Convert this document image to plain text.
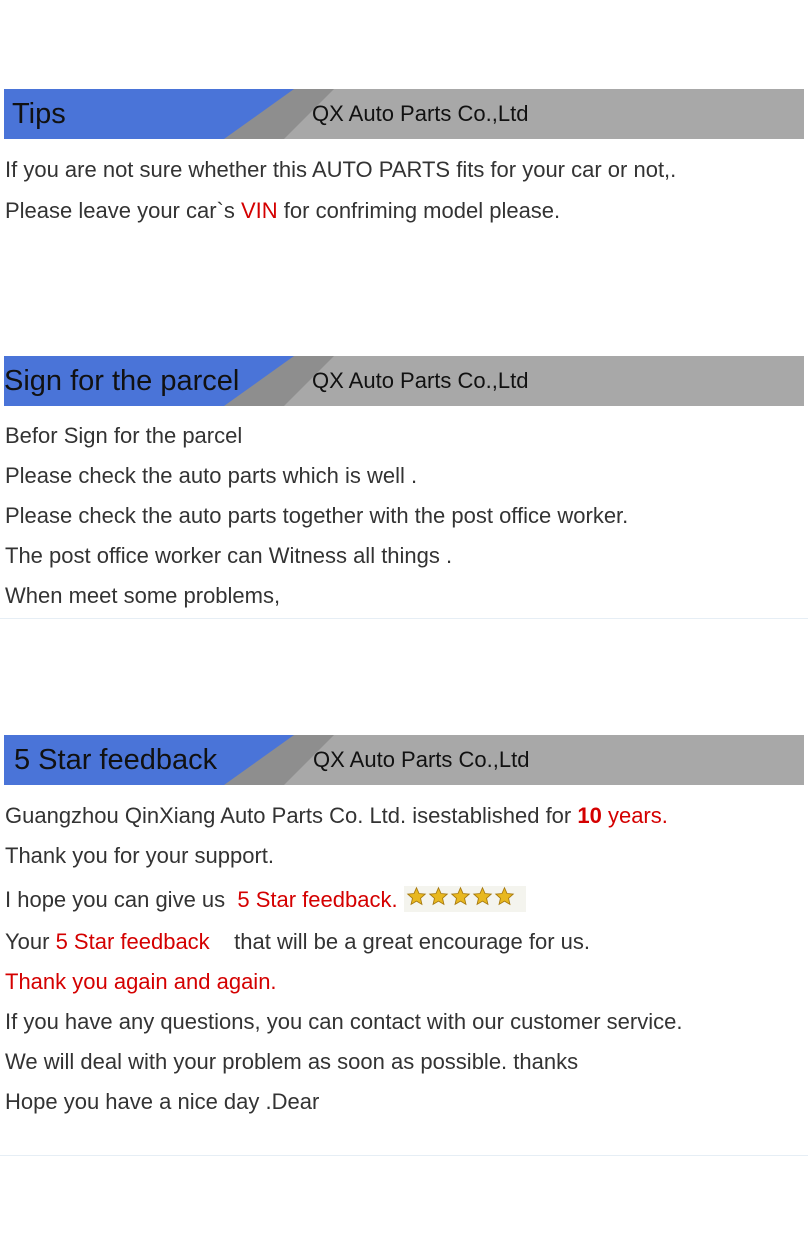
Tips	QX Auto Parts Co.,Ltd
If you are not sure whether this AUTO PARTS fits for your car or not,.
Please leave your car`s VIN for confriming model please.
Sign for the parcel	QX Auto Parts Co.,Ltd
Befor Sign for the parcel
Please check the auto parts which is well .
Please check the auto parts together with the post office worker.
The post office worker can Witness all things .
When meet some problems,
5 Star feedback	QX Auto Parts Co.,Ltd
Guangzhou QinXiang Auto Parts Co. Ltd. isestablished for 10 years.
Thank you for your support.
I hope you can give us  5 Star feedback.
Your 5 Star feedback    that will be a great encourage for us.
Thank you again and again.
If you have any questions, you can contact with our customer service.
We will deal with your problem as soon as possible. thanks
Hope you have a nice day .Dear
